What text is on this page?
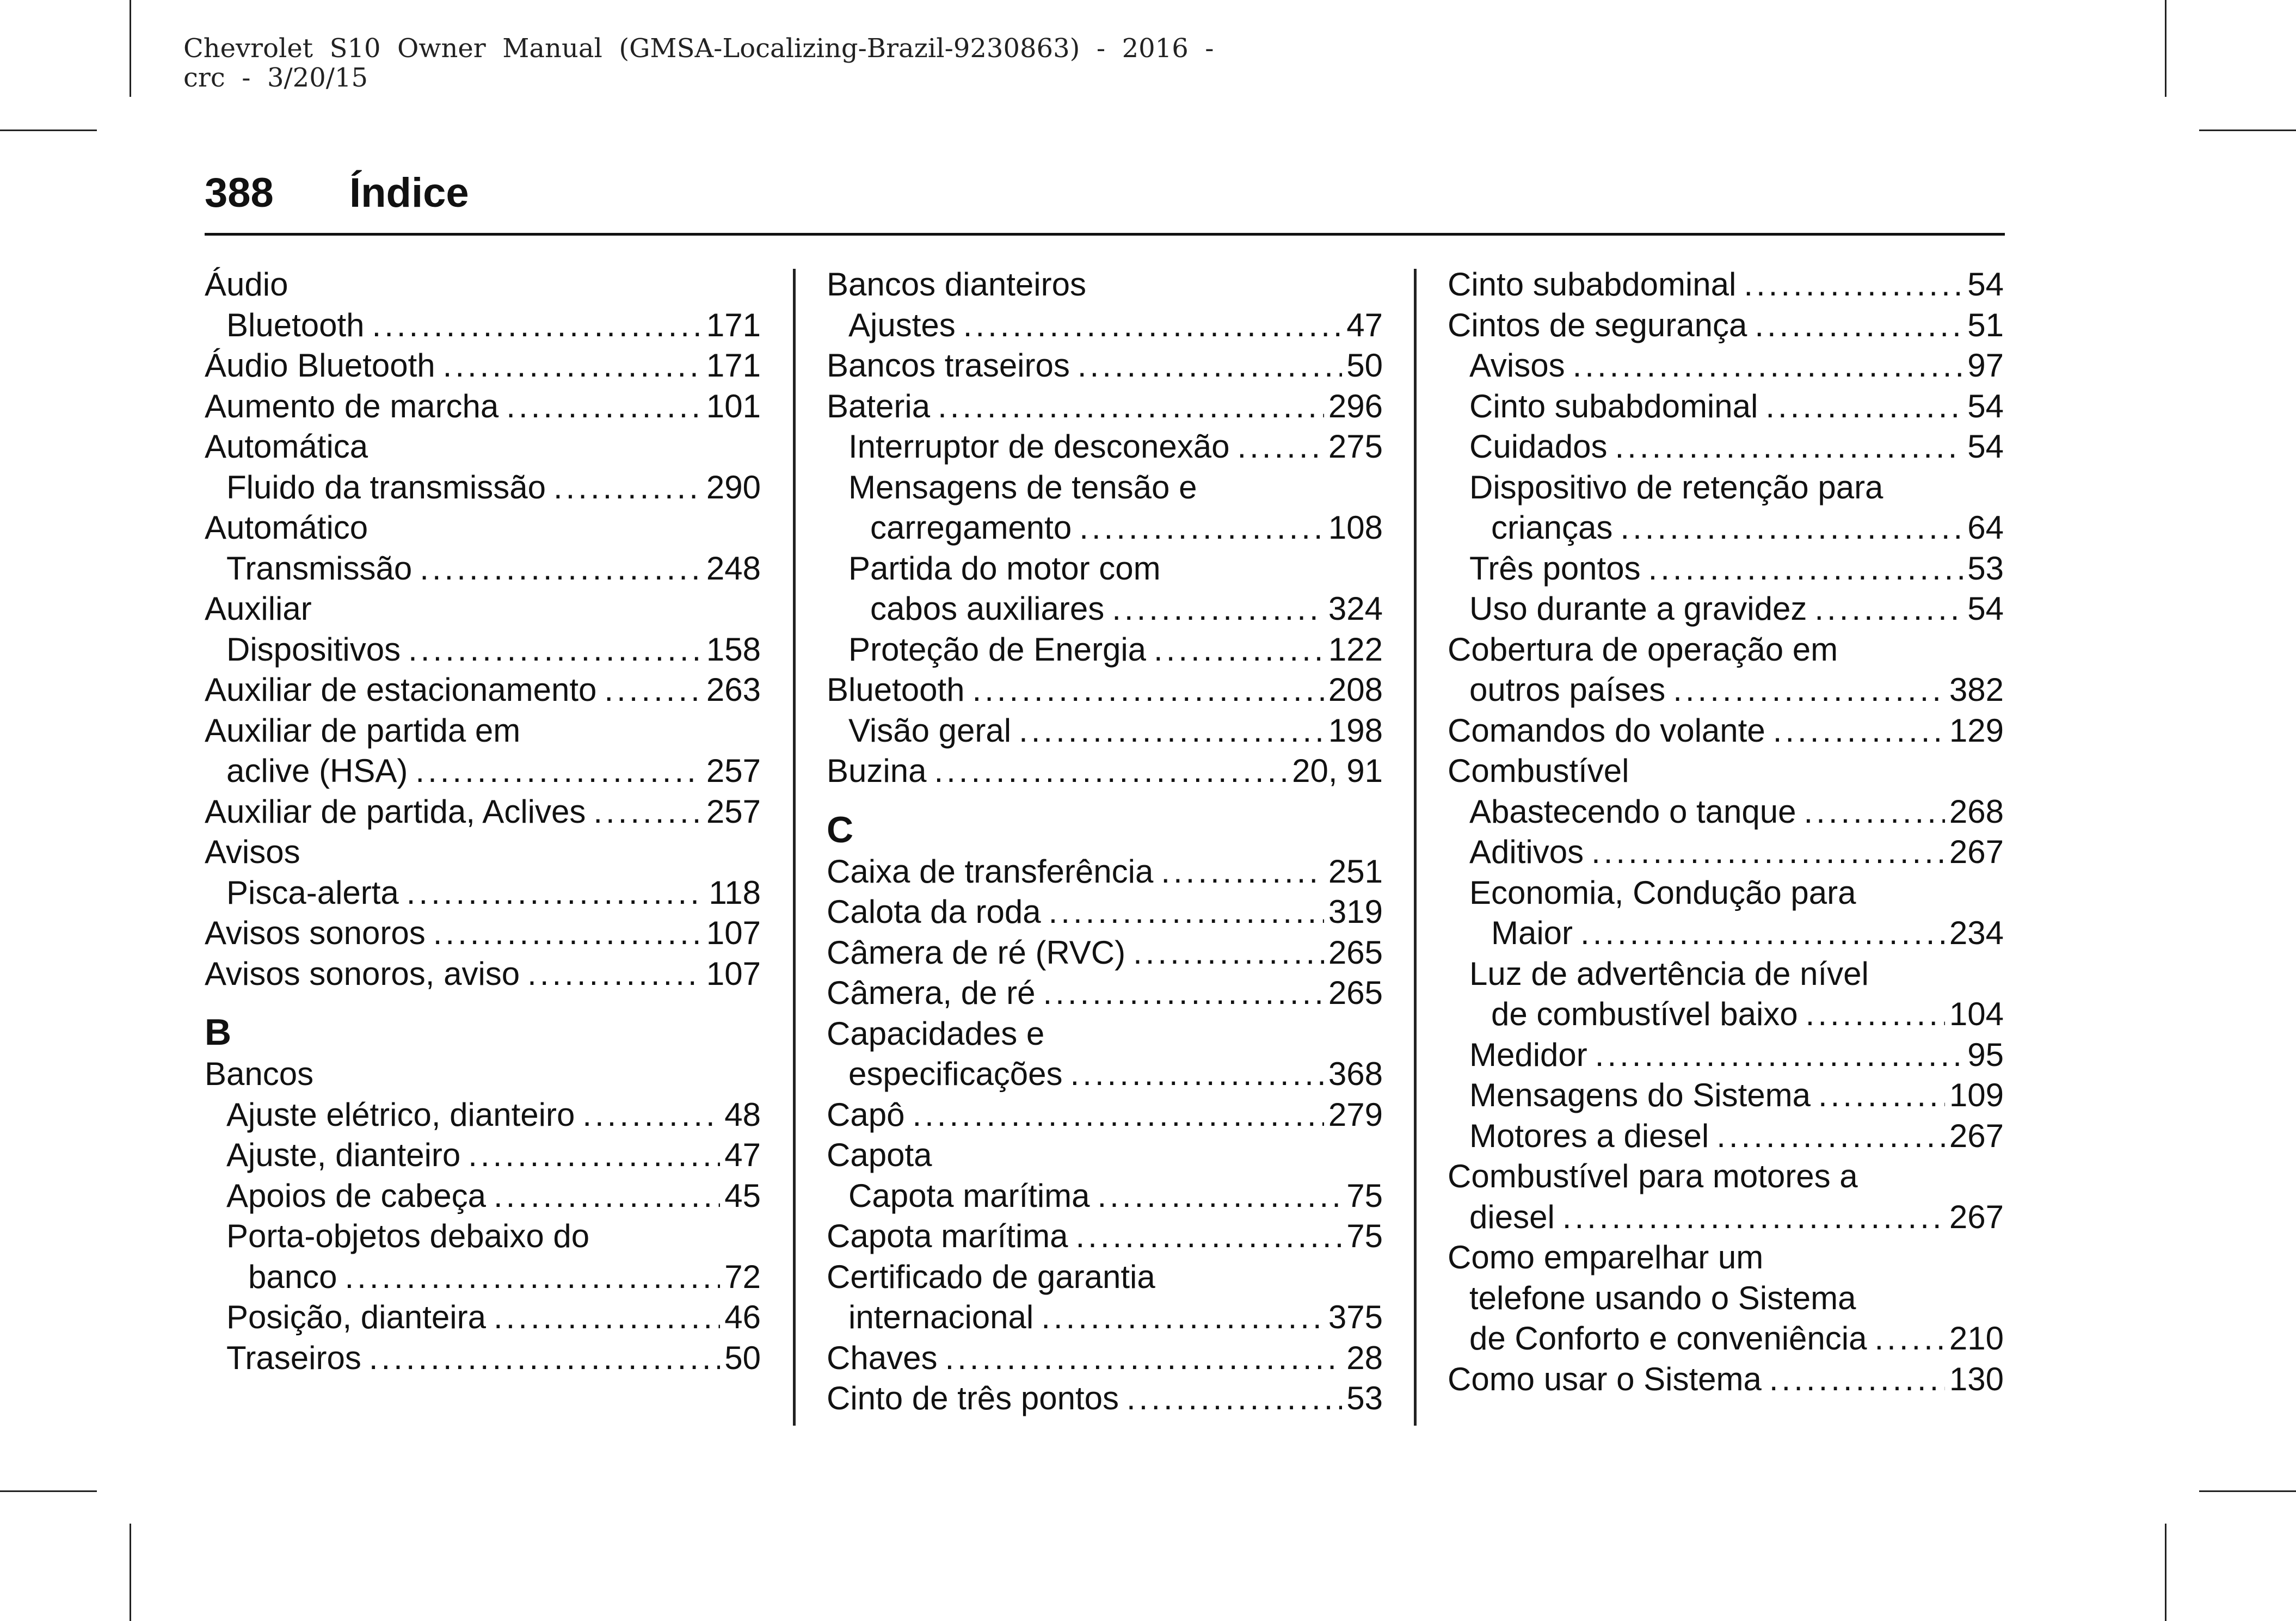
Chevrolet  S10  Owner  Manual  (GMSA-Localizing-Brazil-9230863)  -  2016  -
crc  -  3/20/15
388 Índice
Áudio
Bluetooth .....	171
Áudio Bluetooth .....	171
Aumento de marcha .....	101
Automática
Fluido da transmissão .....	290
Automático
Transmissão .....	248
Auxiliar
Dispositivos .....	158
Auxiliar de estacionamento .....	263
Auxiliar de partida em
aclive (HSA) .....	257
Auxiliar de partida, Aclives .....	257
Avisos
Pisca-alerta .....	118
Avisos sonoros .....	107
Avisos sonoros, aviso .....	107
B
Bancos
Ajuste elétrico, dianteiro .....	48
Ajuste, dianteiro .....	47
Apoios de cabeça .....	45
Porta-objetos debaixo do
banco .....	72
Posição, dianteira .....	46
Traseiros .....	50
Bancos dianteiros
Ajustes .....	47
Bancos traseiros .....	50
Bateria .....	296
Interruptor de desconexão .....	275
Mensagens de tensão e
carregamento .....	108
Partida do motor com
cabos auxiliares .....	324
Proteção de Energia .....	122
Bluetooth .....	208
Visão geral .....	198
Buzina .....	20, 91
C
Caixa de transferência .....	251
Calota da roda .....	319
Câmera de ré (RVC) .....	265
Câmera, de ré .....	265
Capacidades e
especificações .....	368
Capô .....	279
Capota
Capota marítima .....	75
Capota marítima .....	75
Certificado de garantia
internacional .....	375
Chaves .....	28
Cinto de três pontos .....	53
Cinto subabdominal .....	54
Cintos de segurança .....	51
Avisos .....	97
Cinto subabdominal .....	54
Cuidados .....	54
Dispositivo de retenção para
crianças .....	64
Três pontos .....	53
Uso durante a gravidez .....	54
Cobertura de operação em
outros países .....	382
Comandos do volante .....	129
Combustível
Abastecendo o tanque .....	268
Aditivos .....	267
Economia, Condução para
Maior .....	234
Luz de advertência de nível
de combustível baixo .....	104
Medidor .....	95
Mensagens do Sistema .....	109
Motores a diesel .....	267
Combustível para motores a
diesel .....	267
Como emparelhar um
telefone usando o Sistema
de Conforto e conveniência .....	210
Como usar o Sistema .....	130
